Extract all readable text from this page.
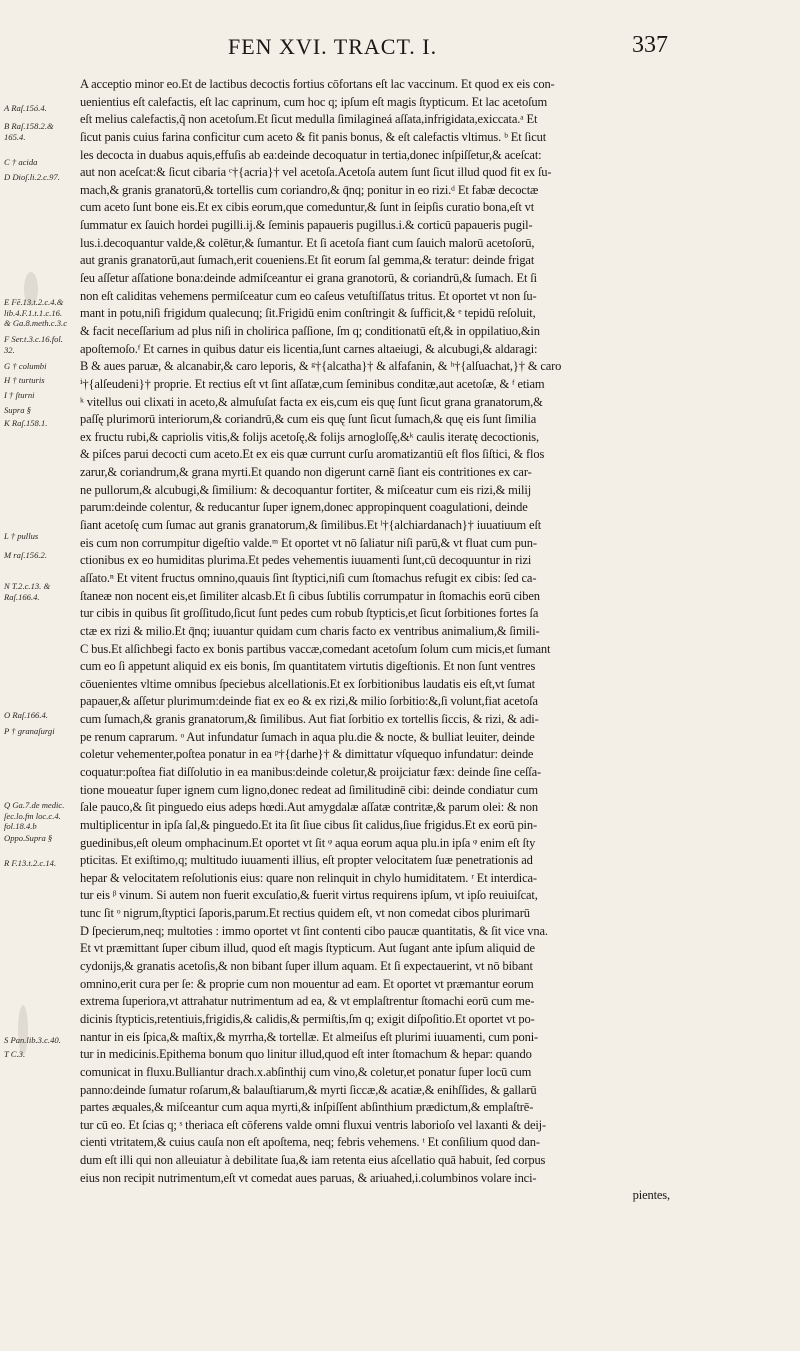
FEN XVI. TRACT. I.	337
A Raſ.15ó.4.
B Raſ.158.2.&
165.4.
C † acida
D Dioſ.li.2.c.97.
E Fē.13.t.2.c.4.&
lib.4.F.1.t.1.c.16.
& Ga.8.meth.c.3.c
F Ser.t.3.c.16.fol.
32.
G † columbi
H † turturis
I † ſturni
Supra §
K Raſ.158.1.
L † pullus
M raſ.156.2.
N T.2.c.13. &
Raſ.166.4.
O Raſ.166.4.
P † granaſurgi
Q Ga.7.de medic.
ſec.lo.fm loc.c.4.
fol.18.4.b
Oppo.Supra §
R F.13.t.2.c.14.
S Pan.lib.3.c.40.
T C.3.
A acceptio minor eo.Et de lactibus decoctis fortius cōfortans eſt lac vaccinum. Et quod ex eis con-
uenientius eſt calefactis, eſt lac caprinum, cum hoc q; ipſum eſt magis ſtypticum. Et lac acetoſum
eſt melius calefactis,q̃ non acetoſum.Et ſicut medulla ſimilagineá aſſata,infrigidata,exiccata.ᵃ Et
ſicut panis cuius farina conficitur cum aceto & fit panis bonus, & eſt calefactis vltimus. ᵇ Et ſicut
les decocta in duabus aquis,effuſis ab ea:deinde decoquatur in tertia,donec inſpiſſetur,& aceſcat:
aut non aceſcat:& ſicut cibaria ᶜ†{acria}† vel acetoſa.Acetoſa autem ſunt ſicut illud quod fit ex ſu-
mach,& granis granatorū,& tortellis cum coriandro,& q̄nq; ponitur in eo rizi.ᵈ Et fabæ decoctæ
cum aceto ſunt bone eis.Et ex cibis eorum,que comeduntur,& ſunt in ſeipſis curatio bona,eſt vt
ſummatur ex ſauich hordei pugilli.ij.& ſeminis papaueris pugillus.i.& corticū papaueris pugil-
lus.i.decoquantur valde,& colētur,& ſumantur. Et ſi acetoſa fiant cum ſauich malorū acetoſorū,
aut granis granatorū,aut ſumach,erit coueniens.Et ſit eorum ſal gemma,& teratur: deinde frigat
ſeu aſſetur aſſatione bona:deinde admiſceantur ei grana granotorū, & coriandrū,& ſumach. Et ſi
non eſt caliditas vehemens permiſceatur cum eo caſeus vetuſtiſſatus tritus. Et oportet vt non ſu-
mant in potu,niſi frigidum qualecunq; ſit.Frigidū enim conſtringit & ſufficit,& ᵉ tepidū reſoluit,
& facit neceſſarium ad plus niſi in cholirica paſſione, ſm q; conditionatū eſt,& in oppilatiuo,&in
apoſtemoſo.ᶠ Et carnes in quibus datur eis licentia,ſunt carnes altaeiugi, & alcubugi,& aldaragi:
B & aues paruæ, & alcanabir,& caro leporis, & ᵍ†{alcatha}† & alfafanin, & ʰ†{alſuachat,}† & caro
ⁱ†{alſeudeni}† proprie. Et rectius eſt vt ſint aſſatæ,cum ſeminibus conditæ,aut acetoſæ, & ᶠ etiam
ᵏ vitellus oui clixati in aceto,& almuſuſat facta ex eis,cum eis quę ſunt ſicut grana granatorum,&
paſſę plurimorū interiorum,& coriandrū,& cum eis quę ſunt ſicut ſumach,& quę eis ſunt ſimilia
ex fructu rubi,& capriolis vitis,& folijs acetoſę,& folijs arnogloſſę,&ᵏ caulis iteratę decoctionis,
& piſces parui decocti cum aceto.Et ex eis quæ currunt curſu aromatizantiū eſt flos ſiſtici, & flos
zarur,& coriandrum,& grana myrti.Et quando non digerunt carnē ſiant eis contritiones ex car-
ne pullorum,& alcubugi,& ſimilium: & decoquantur fortiter, & miſceatur cum eis rizi,& milij
parum:deinde colentur, & reducantur ſuper ignem,donec appropinquent coagulationi, deinde
ſiant acetoſę cum ſumac aut granis granatorum,& ſimilibus.Et ˡ†{alchiardanach}† iuuatiuum eſt
eis cum non corrumpitur digeſtio valde.ᵐ Et oportet vt nō ſaliatur niſi parū,& vt fluat cum pun-
ctionibus ex eo humiditas plurima.Et pedes vehementis iuuamenti ſunt,cū decoquuntur in rizi
aſſato.ⁿ Et vitent fructus omnino,quauis ſint ſtyptici,niſi cum ſtomachus refugit ex cibis: ſed ca-
ſtaneæ non nocent eis,et ſimiliter alcasb.Et ſi cibus ſubtilis corrumpatur in ſtomachis eorū ciben
tur cibis in quibus ſit groſſitudo,ſicut ſunt pedes cum robub ſtypticis,et ſicut ſorbitiones fortes ſa
ctæ ex rizi & milio.Et q̄nq; iuuantur quidam cum charis facto ex ventribus animalium,& ſimili-
C bus.Et alſichbegi facto ex bonis partibus vaccæ,comedant acetoſum ſolum cum micis,et ſumant
cum eo ſi appetunt aliquid ex eis bonis, ſm quantitatem virtutis digeſtionis. Et non ſunt ventres
cōuenientes vltime omnibus ſpeciebus alcellationis.Et ex ſorbitionibus laudatis eis eſt,vt ſumat
papauer,& aſſetur plurimum:deinde fiat ex eo & ex rizi,& milio ſorbitio:&,ſi volunt,fiat acetoſa
cum ſumach,& granis granatorum,& ſimilibus. Aut fiat ſorbitio ex tortellis ſiccis, & rizi, & adi-
pe renum caprarum. ᵒ Aut infundatur ſumach in aqua plu.die & nocte, & bulliat leuiter, deinde
coletur vehementer,poſtea ponatur in ea ᵖ†{darhe}† & dimittatur vſquequo infundatur: deinde
coquatur:poſtea fiat diſſolutio in ea manibus:deinde coletur,& proijciatur fæx: deinde ſine ceſſa-
tione moueatur ſuper ignem cum ligno,donec redeat ad ſimilitudinē cibi: deinde condiatur cum
ſale pauco,& ſit pinguedo eius adeps hœdi.Aut amygdalæ aſſatæ contritæ,& parum olei: & non
multiplicentur in ipſa ſal,& pinguedo.Et ita ſit ſiue cibus ſit calidus,ſiue frigidus.Et ex eorū pin-
guedinibus,eſt oleum omphacinum.Et oportet vt ſit ᵠ aqua eorum aqua plu.in ipſa ᵠ enim eſt ſty
pticitas. Et exiſtimo,q; multitudo iuuamenti illius, eſt propter velocitatem ſuæ penetrationis ad
hepar & velocitatem reſolutionis eius: quare non relinquit in chylo humiditatem. ʳ Et interdica-
tur eis ᵝ vinum. Si autem non fuerit excuſatio,& fuerit virtus requirens ipſum, vt ipſo reuiuiſcat,
tunc ſit ᵒ nigrum,ſtyptici ſaporis,parum.Et rectius quidem eſt, vt non comedat cibos plurimarū
D ſpecierum,neq; multoties : immo oportet vt ſint contenti cibo paucæ quantitatis, & ſit vice vna.
Et vt præmittant ſuper cibum illud, quod eſt magis ſtypticum. Aut ſugant ante ipſum aliquid de
cydonijs,& granatis acetoſis,& non bibant ſuper illum aquam. Et ſi expectauerint, vt nō bibant
omnino,erit cura per ſe: & proprie cum non mouentur ad eam. Et oportet vt præmantur eorum
extrema ſuperiora,vt attrahatur nutrimentum ad ea, & vt emplaſtrentur ſtomachi eorū cum me-
dicinis ſtypticis,retentiuis,frigidis,& calidis,& permiſtis,ſm q; exigit diſpoſitio.Et oportet vt po-
nantur in eis ſpica,& maſtix,& myrrha,& tortellæ. Et almeiſus eſt plurimi iuuamenti, cum poni-
tur in medicinis.Epithema bonum quo linitur illud,quod eſt inter ſtomachum & hepar: quando
comunicat in fluxu.Bulliantur drach.x.abſinthij cum vino,& coletur,et ponatur ſuper locū cum
panno:deinde ſumatur roſarum,& balauſtiarum,& myrti ſiccæ,& acatiæ,& enihſſides, & gallarū
partes æquales,& miſceantur cum aqua myrti,& inſpiſſent abſinthium prædictum,& emplaſtrē-
tur cū eo. Et ſcias q; ˢ theriaca eſt cōferens valde omni fluxui ventris laborioſo vel laxanti & deij-
cienti vtritatem,& cuius cauſa non eſt apoſtema, neq; febris vehemens. ᵗ Et conſilium quod dan-
dum eſt illi qui non alleuiatur à debilitate ſua,& iam retenta eius aſcellatio quā habuit, ſed corpus
eius non recipit nutrimentum,eſt vt comedat aues paruas, & ariuahed,i.columbinos volare inci-
pientes,
